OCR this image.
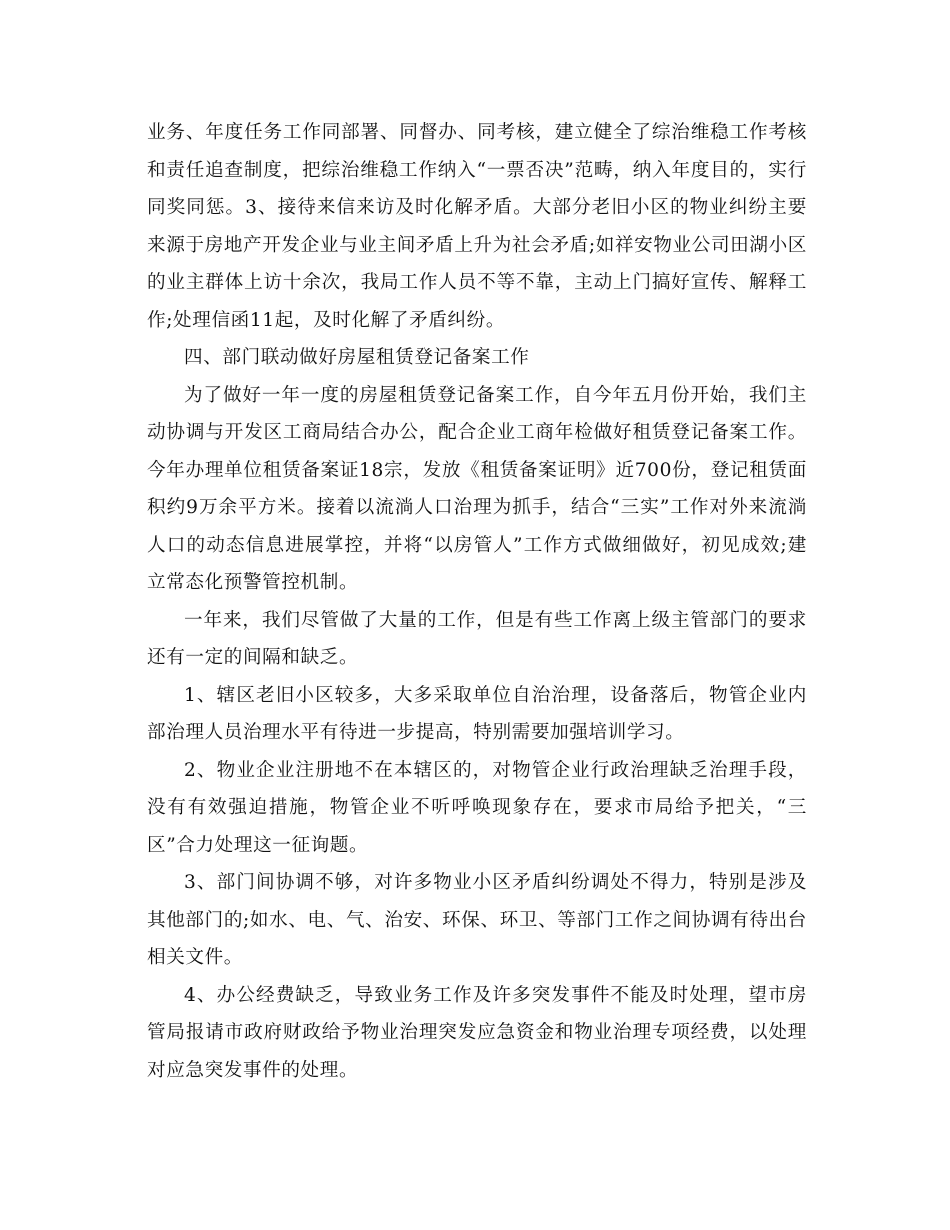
业务、年度任务工作同部署、同督办、同考核，建立健全了综治维稳工作考核和责任追查制度，把综治维稳工作纳入“一票否决”范畴，纳入年度目的，实行同奖同惩。3、接待来信来访及时化解矛盾。大部分老旧小区的物业纠纷主要来源于房地产开发企业与业主间矛盾上升为社会矛盾;如祥安物业公司田湖小区的业主群体上访十余次，我局工作人员不等不靠，主动上门搞好宣传、解释工作;处理信函11起，及时化解了矛盾纠纷。

四、部门联动做好房屋租赁登记备案工作

为了做好一年一度的房屋租赁登记备案工作，自今年五月份开始，我们主动协调与开发区工商局结合办公，配合企业工商年检做好租赁登记备案工作。今年办理单位租赁备案证18宗，发放《租赁备案证明》近700份，登记租赁面积约9万余平方米。接着以流淌人口治理为抓手，结合“三实”工作对外来流淌人口的动态信息进展掌控，并将“以房管人”工作方式做细做好，初见成效;建立常态化预警管控机制。

一年来，我们尽管做了大量的工作，但是有些工作离上级主管部门的要求还有一定的间隔和缺乏。

1、辖区老旧小区较多，大多采取单位自治治理，设备落后，物管企业内部治理人员治理水平有待进一步提高，特别需要加强培训学习。

2、物业企业注册地不在本辖区的，对物管企业行政治理缺乏治理手段，没有有效强迫措施，物管企业不听呼唤现象存在，要求市局给予把关，“三区”合力处理这一征询题。

3、部门间协调不够，对许多物业小区矛盾纠纷调处不得力，特别是涉及其他部门的;如水、电、气、治安、环保、环卫、等部门工作之间协调有待出台相关文件。

4、办公经费缺乏，导致业务工作及许多突发事件不能及时处理，望市房管局报请市政府财政给予物业治理突发应急资金和物业治理专项经费，以处理对应急突发事件的处理。
